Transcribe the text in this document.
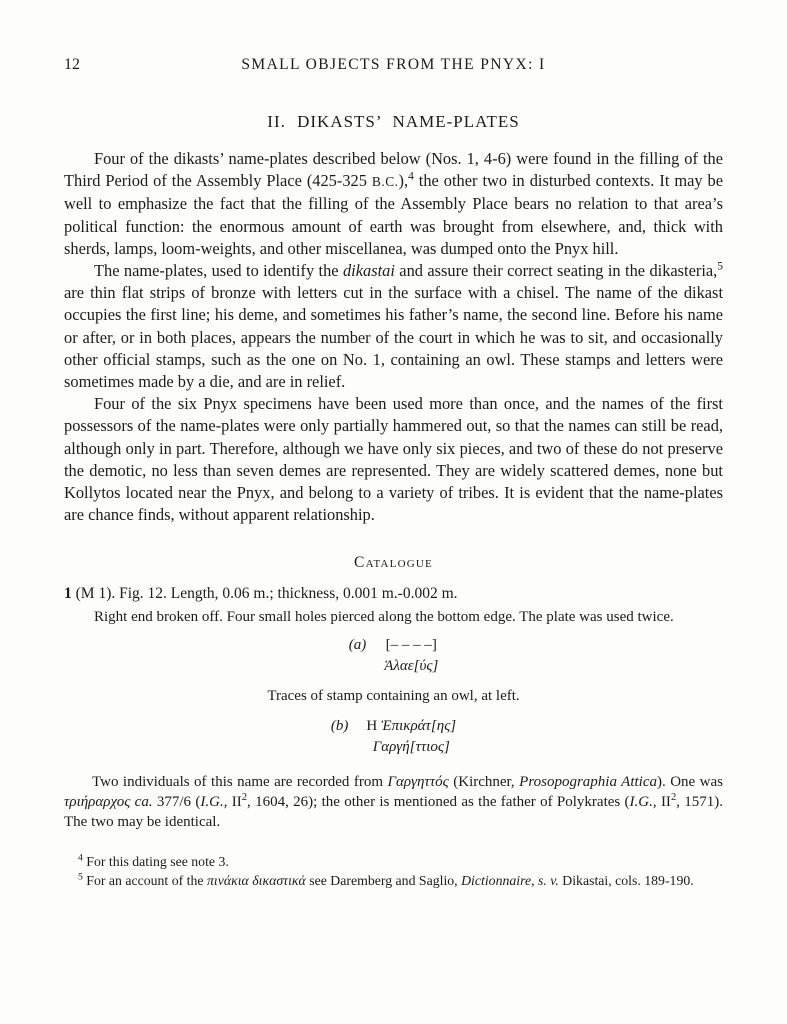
12	SMALL OBJECTS FROM THE PNYX: I
II. DIKASTS’ NAME-PLATES

Four of the dikasts’ name-plates described below (Nos. 1, 4-6) were found in the filling of the Third Period of the Assembly Place (425-325 B.C.),$^4$ the other two in disturbed contexts. It may be well to emphasize the fact that the filling of the Assembly Place bears no relation to that area’s political function: the enormous amount of earth was brought from elsewhere, and, thick with sherds, lamps, loom-weights, and other miscellanea, was dumped onto the Pnyx hill.

The name-plates, used to identify the dikastai and assure their correct seating in the dikasteria,$^5$ are thin flat strips of bronze with letters cut in the surface with a chisel. The name of the dikast occupies the first line; his deme, and sometimes his father’s name, the second line. Before his name or after, or in both places, appears the number of the court in which he was to sit, and occasionally other official stamps, such as the one on No. 1, containing an owl. These stamps and letters were sometimes made by a die, and are in relief.

Four of the six Pnyx specimens have been used more than once, and the names of the first possessors of the name-plates were only partially hammered out, so that the names can still be read, although only in part. Therefore, although we have only six pieces, and two of these do not preserve the demotic, no less than seven demes are represented. They are widely scattered demes, none but Kollytos located near the Pnyx, and belong to a variety of tribes. It is evident that the name-plates are chance finds, without apparent relationship.

Catalogue

1 (M 1). Fig. 12. Length, 0.06 m.; thickness, 0.001 m.-0.002 m.

Right end broken off. Four small holes pierced along the bottom edge. The plate was used twice.

(a) [– – – –]
Ἁλαε[ύς]

Traces of stamp containing an owl, at left.

(b) H Ἐπικράτ[ης]
Γαργή[ττιος]

Two individuals of this name are recorded from Γαργηττός (Kirchner, Prosopographia Attica). One was τριήραρχος ca. 377/6 (I.G., $II^2$, 1604, 26); the other is mentioned as the father of Polykrates (I.G., $II^2$, 1571). The two may be identical.

$^4$ For this dating see note 3.

$^5$ For an account of the πινάκια δικαστικά see Daremberg and Saglio, Dictionnaire, s. v. Dikastai, cols. 189-190.
